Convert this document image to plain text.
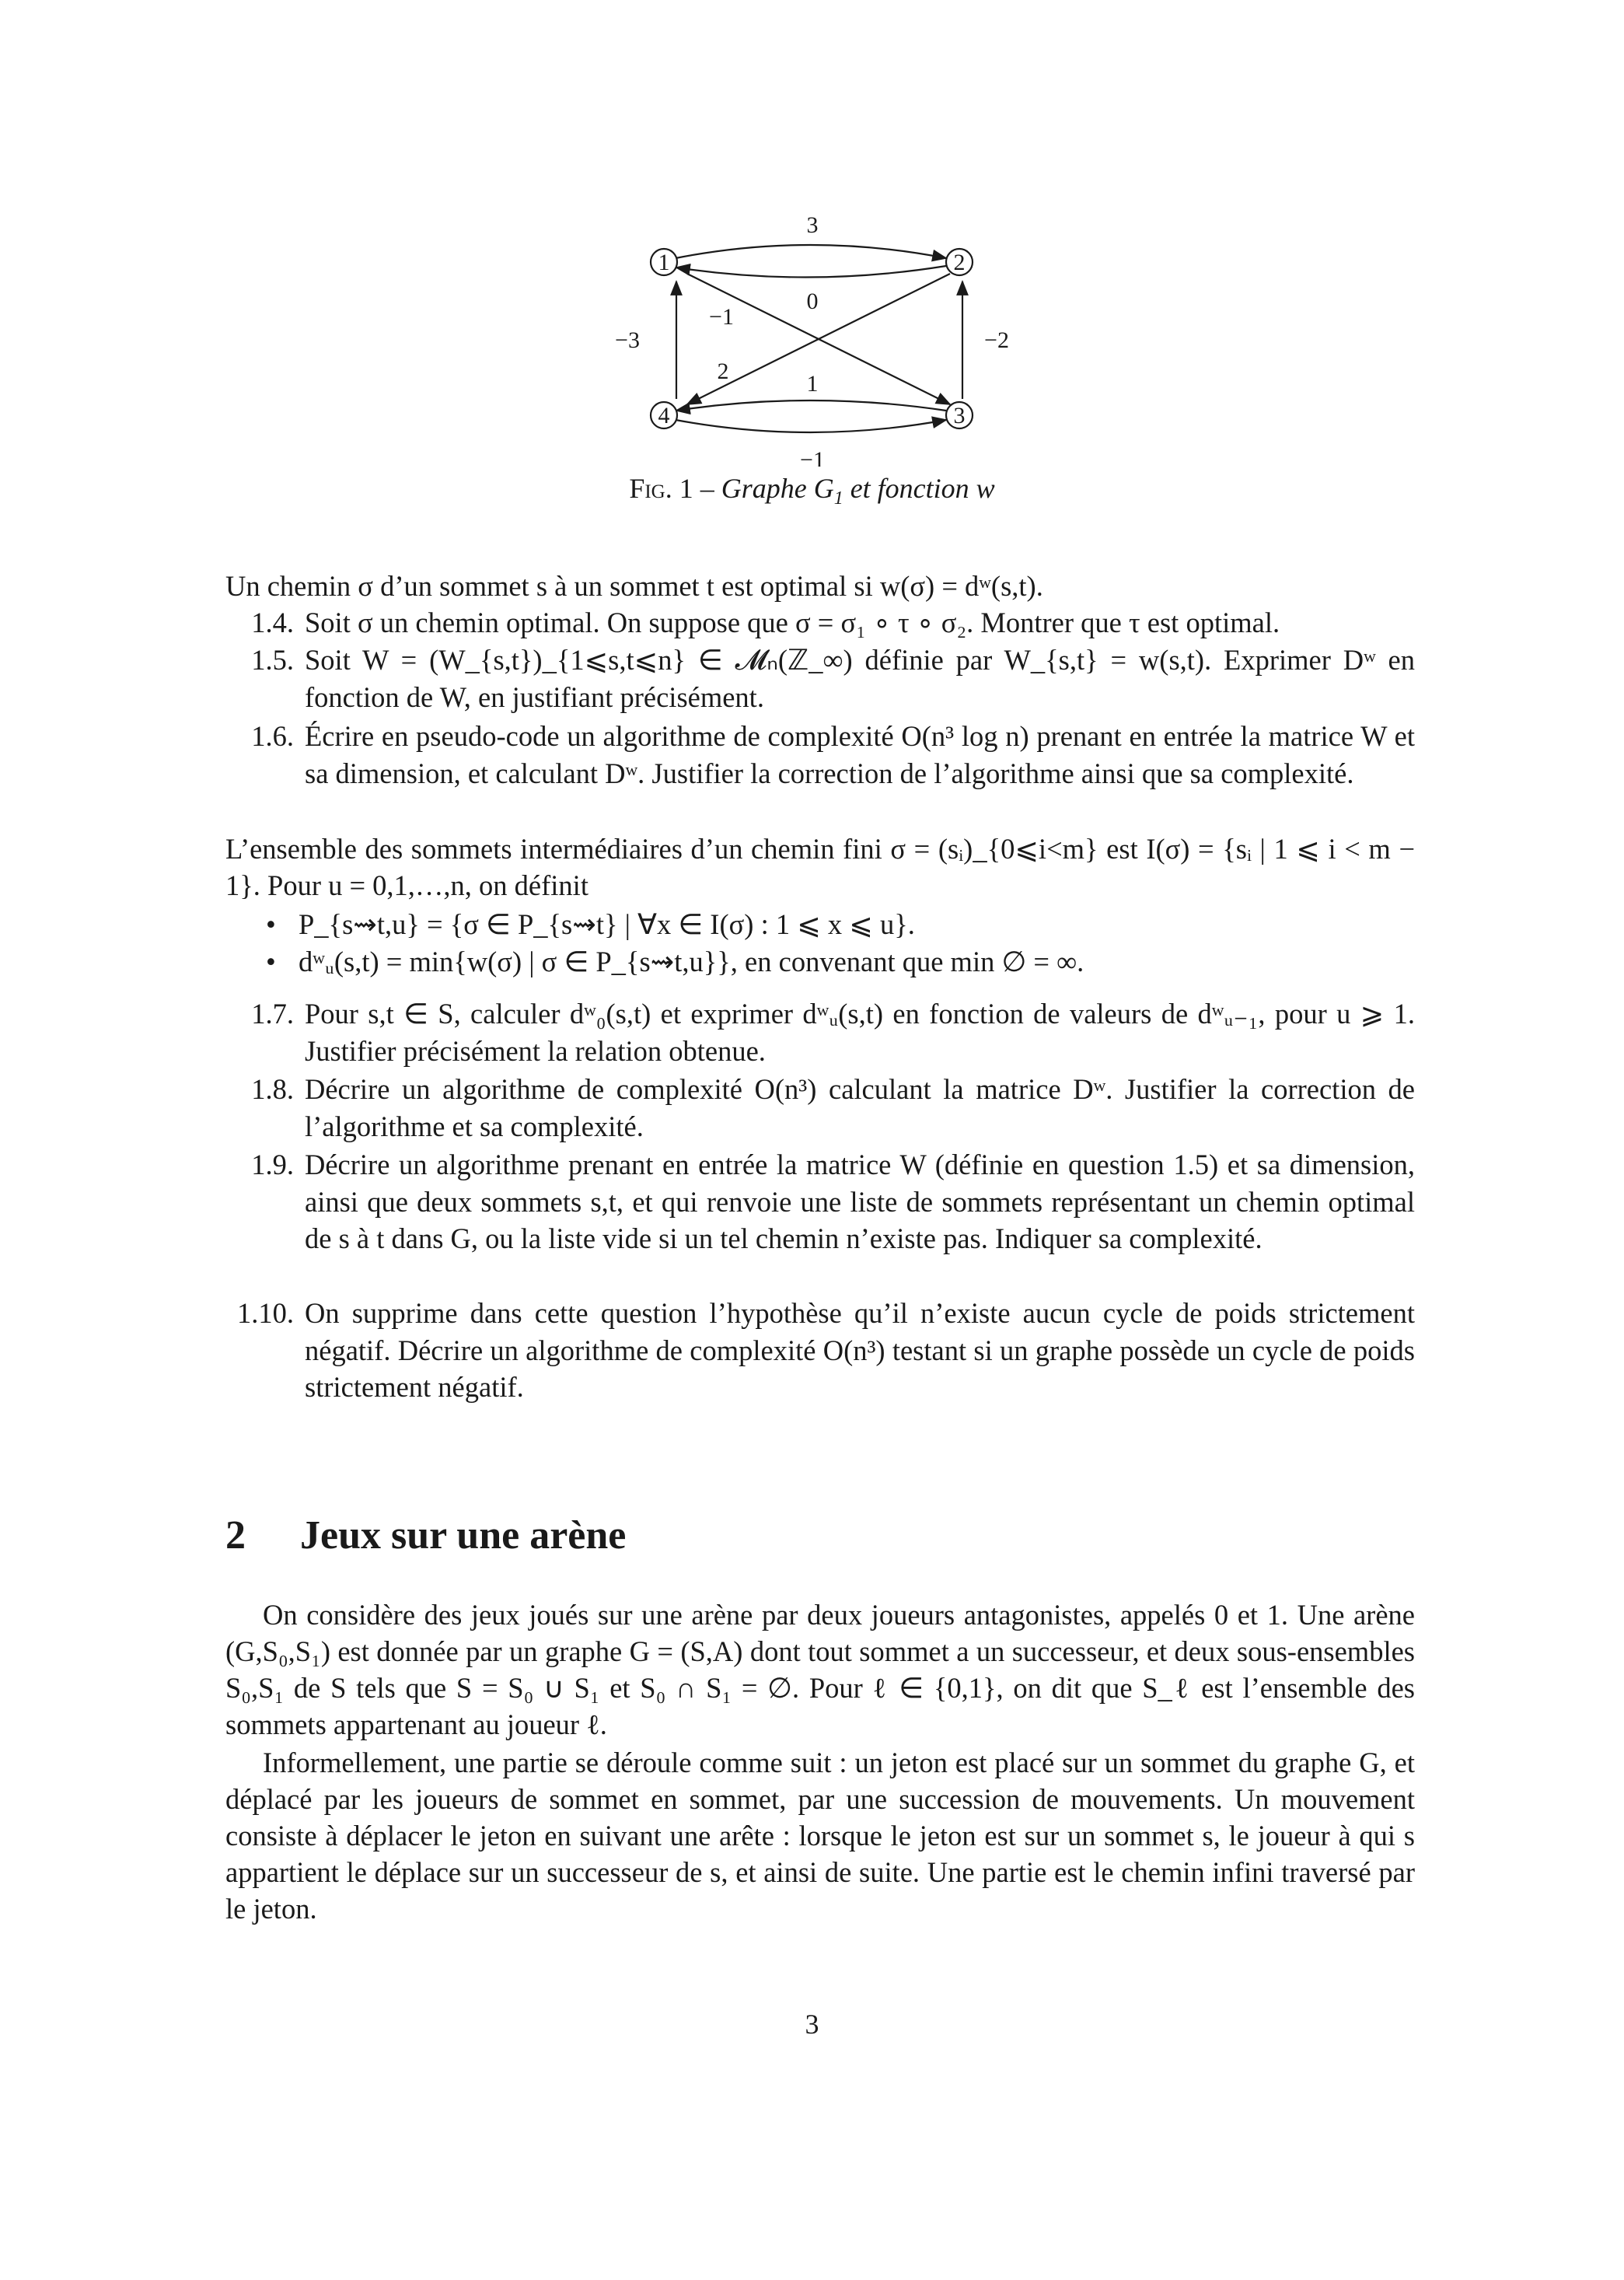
1	2
3
4
3
0
−3	−2
−1
2	1
−1
Fig. 1 – Graphe $G_1$ et fonction w
Un chemin σ d’un sommet s à un sommet t est optimal si w(σ) = dʷ(s,t).
1.4. Soit σ un chemin optimal. On suppose que σ = σ₁ ∘ τ ∘ σ₂. Montrer que τ est optimal.
1.5. Soit W = (W_{s,t})_{1⩽s,t⩽n} ∈ 𝓜ₙ(ℤ_∞) définie par W_{s,t} = w(s,t). Exprimer Dʷ en fonction de W, en justifiant précisément.
1.6. Écrire en pseudo-code un algorithme de complexité O(n³ log n) prenant en entrée la matrice W et sa dimension, et calculant Dʷ. Justifier la correction de l’algorithme ainsi que sa complexité.
L’ensemble des sommets intermédiaires d’un chemin fini σ = (sᵢ)_{0⩽i<m} est I(σ) = {sᵢ | 1 ⩽ i < m − 1}. Pour u = 0,1,…,n, on définit
• P_{s⇝t,u} = {σ ∈ P_{s⇝t} | ∀x ∈ I(σ) : 1 ⩽ x ⩽ u}.
• dʷᵤ(s,t) = min{w(σ) | σ ∈ P_{s⇝t,u}}, en convenant que min ∅ = ∞.
1.7. Pour s,t ∈ S, calculer dʷ₀(s,t) et exprimer dʷᵤ(s,t) en fonction de valeurs de dʷᵤ₋₁, pour u ⩾ 1. Justifier précisément la relation obtenue.
1.8. Décrire un algorithme de complexité O(n³) calculant la matrice Dʷ. Justifier la correction de l’algorithme et sa complexité.
1.9. Décrire un algorithme prenant en entrée la matrice W (définie en question 1.5) et sa dimension, ainsi que deux sommets s,t, et qui renvoie une liste de sommets représentant un chemin optimal de s à t dans G, ou la liste vide si un tel chemin n’existe pas. Indiquer sa complexité.
1.10. On supprime dans cette question l’hypothèse qu’il n’existe aucun cycle de poids strictement négatif. Décrire un algorithme de complexité O(n³) testant si un graphe possède un cycle de poids strictement négatif.
2 Jeux sur une arène
On considère des jeux joués sur une arène par deux joueurs antagonistes, appelés 0 et 1. Une arène (G,S₀,S₁) est donnée par un graphe G = (S,A) dont tout sommet a un successeur, et deux sous-ensembles S₀,S₁ de S tels que S = S₀ ∪ S₁ et S₀ ∩ S₁ = ∅. Pour ℓ ∈ {0,1}, on dit que S_ℓ est l’ensemble des sommets appartenant au joueur ℓ.
Informellement, une partie se déroule comme suit : un jeton est placé sur un sommet du graphe G, et déplacé par les joueurs de sommet en sommet, par une succession de mouvements. Un mouvement consiste à déplacer le jeton en suivant une arête : lorsque le jeton est sur un sommet s, le joueur à qui s appartient le déplace sur un successeur de s, et ainsi de suite. Une partie est le chemin infini traversé par le jeton.
3
